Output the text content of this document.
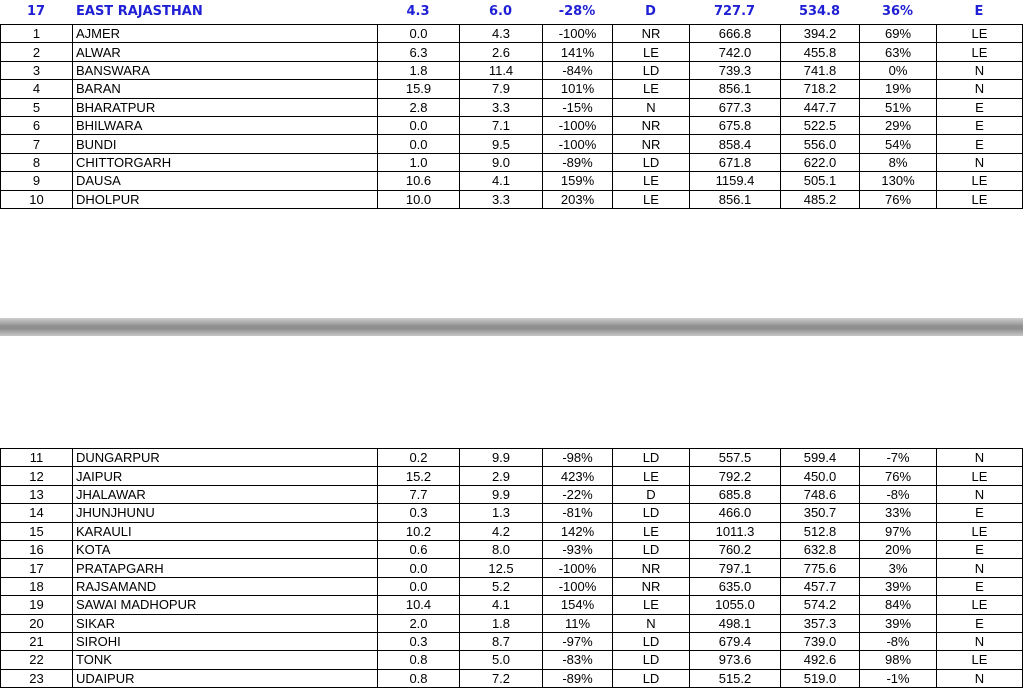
17	EAST RAJASTHAN	4.3	6.0	-28%	D	727.7	534.8	36%	E
1	AJMER	0.0	4.3	-100%	NR	666.8	394.2	69%	LE
2	ALWAR	6.3	2.6	141%	LE	742.0	455.8	63%	LE
3	BANSWARA	1.8	11.4	-84%	LD	739.3	741.8	0%	N
4	BARAN	15.9	7.9	101%	LE	856.1	718.2	19%	N
5	BHARATPUR	2.8	3.3	-15%	N	677.3	447.7	51%	E
6	BHILWARA	0.0	7.1	-100%	NR	675.8	522.5	29%	E
7	BUNDI	0.0	9.5	-100%	NR	858.4	556.0	54%	E
8	CHITTORGARH	1.0	9.0	-89%	LD	671.8	622.0	8%	N
9	DAUSA	10.6	4.1	159%	LE	1159.4	505.1	130%	LE
10	DHOLPUR	10.0	3.3	203%	LE	856.1	485.2	76%	LE
11	DUNGARPUR	0.2	9.9	-98%	LD	557.5	599.4	-7%	N
12	JAIPUR	15.2	2.9	423%	LE	792.2	450.0	76%	LE
13	JHALAWAR	7.7	9.9	-22%	D	685.8	748.6	-8%	N
14	JHUNJHUNU	0.3	1.3	-81%	LD	466.0	350.7	33%	E
15	KARAULI	10.2	4.2	142%	LE	1011.3	512.8	97%	LE
16	KOTA	0.6	8.0	-93%	LD	760.2	632.8	20%	E
17	PRATAPGARH	0.0	12.5	-100%	NR	797.1	775.6	3%	N
18	RAJSAMAND	0.0	5.2	-100%	NR	635.0	457.7	39%	E
19	SAWAI MADHOPUR	10.4	4.1	154%	LE	1055.0	574.2	84%	LE
20	SIKAR	2.0	1.8	11%	N	498.1	357.3	39%	E
21	SIROHI	0.3	8.7	-97%	LD	679.4	739.0	-8%	N
22	TONK	0.8	5.0	-83%	LD	973.6	492.6	98%	LE
23	UDAIPUR	0.8	7.2	-89%	LD	515.2	519.0	-1%	N
